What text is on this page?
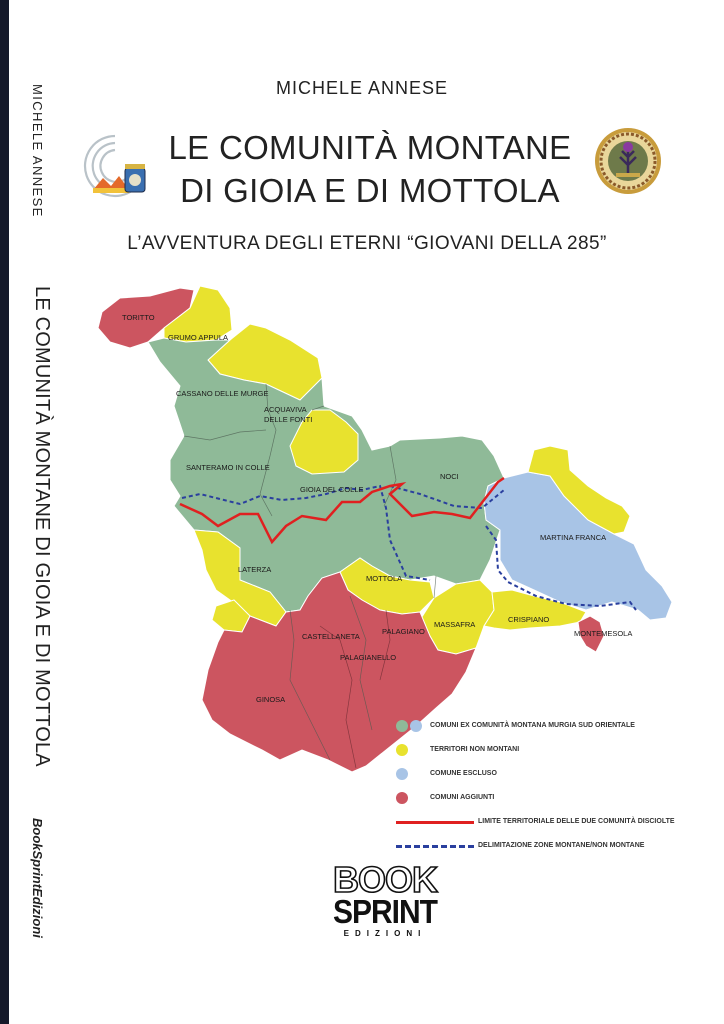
MICHELE ANNESE
LE COMUNITÀ MONTANE DI GIOIA E DI MOTTOLA
BookSprintEdizioni
MICHELE ANNESE
LE COMUNITÀ MONTANE
DI GIOIA E DI MOTTOLA
L’AVVENTURA DEGLI ETERNI “GIOVANI DELLA 285”
TORITTO
GRUMO APPULA
CASSANO DELLE MURGE
ACQUAVIVA
DELLE FONTI
SANTERAMO IN COLLE
GIOIA DEL COLLE
NOCI
MARTINA FRANCA
LATERZA
MOTTOLA
MASSAFRA
CRISPIANO
MONTEMESOLA
CASTELLANETA
PALAGIANO
PALAGIANELLO
GINOSA
COMUNI EX COMUNITÀ MONTANA MURGIA SUD ORIENTALE
TERRITORI NON MONTANI
COMUNE ESCLUSO
COMUNI AGGIUNTI
LIMITE TERRITORIALE DELLE DUE COMUNITÀ DISCIOLTE
DELIMITAZIONE ZONE MONTANE/NON MONTANE
BOOK
SPRINT
EDIZIONI
